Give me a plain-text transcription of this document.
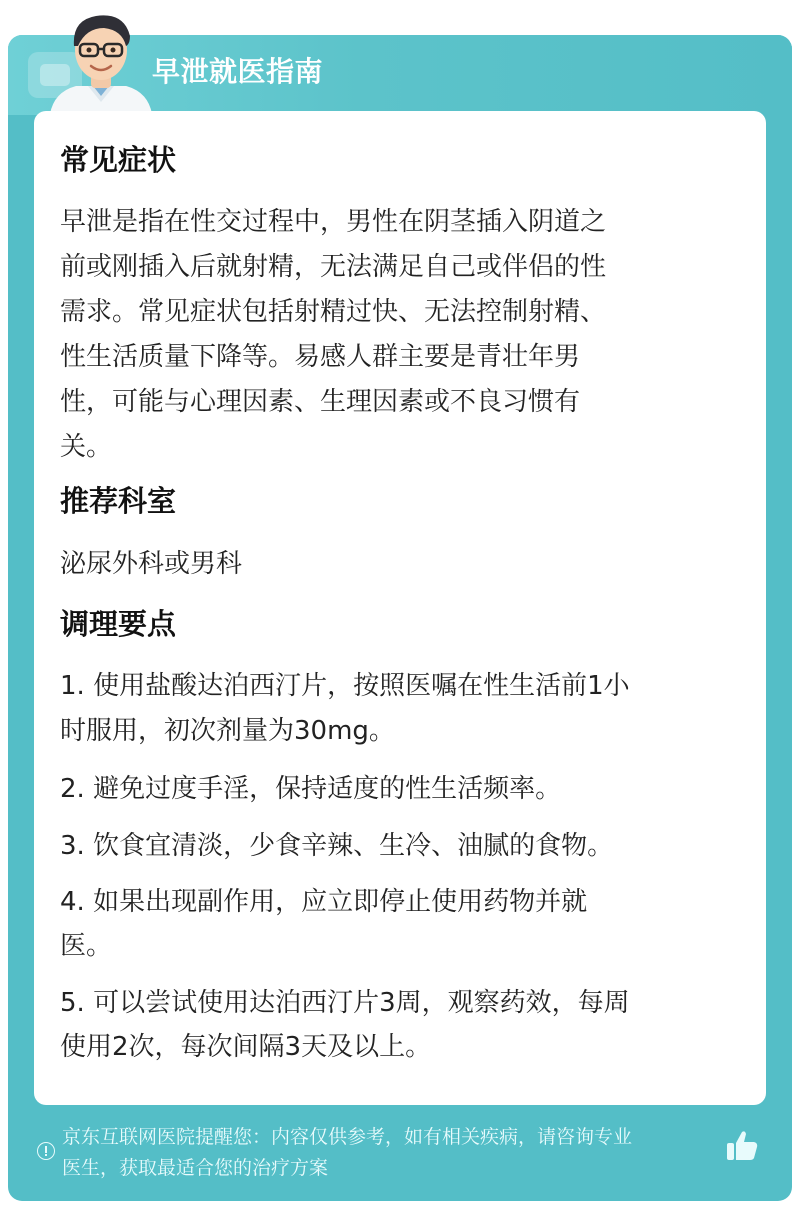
早泄就医指南
常见症状
早泄是指在性交过程中，男性在阴茎插入阴道之
前或刚插入后就射精，无法满足自己或伴侣的性
需求。常见症状包括射精过快、无法控制射精、
性生活质量下降等。易感人群主要是青壮年男
性，可能与心理因素、生理因素或不良习惯有
关。
推荐科室
泌尿外科或男科
调理要点
1. 使用盐酸达泊西汀片，按照医嘱在性生活前1小
时服用，初次剂量为30mg。
2. 避免过度手淫，保持适度的性生活频率。
3. 饮食宜清淡，少食辛辣、生冷、油腻的食物。
4. 如果出现副作用，应立即停止使用药物并就
医。
5. 可以尝试使用达泊西汀片3周，观察药效，每周
使用2次，每次间隔3天及以上。
京东互联网医院提醒您：内容仅供参考，如有相关疾病，请咨询专业
医生，获取最适合您的治疗方案
